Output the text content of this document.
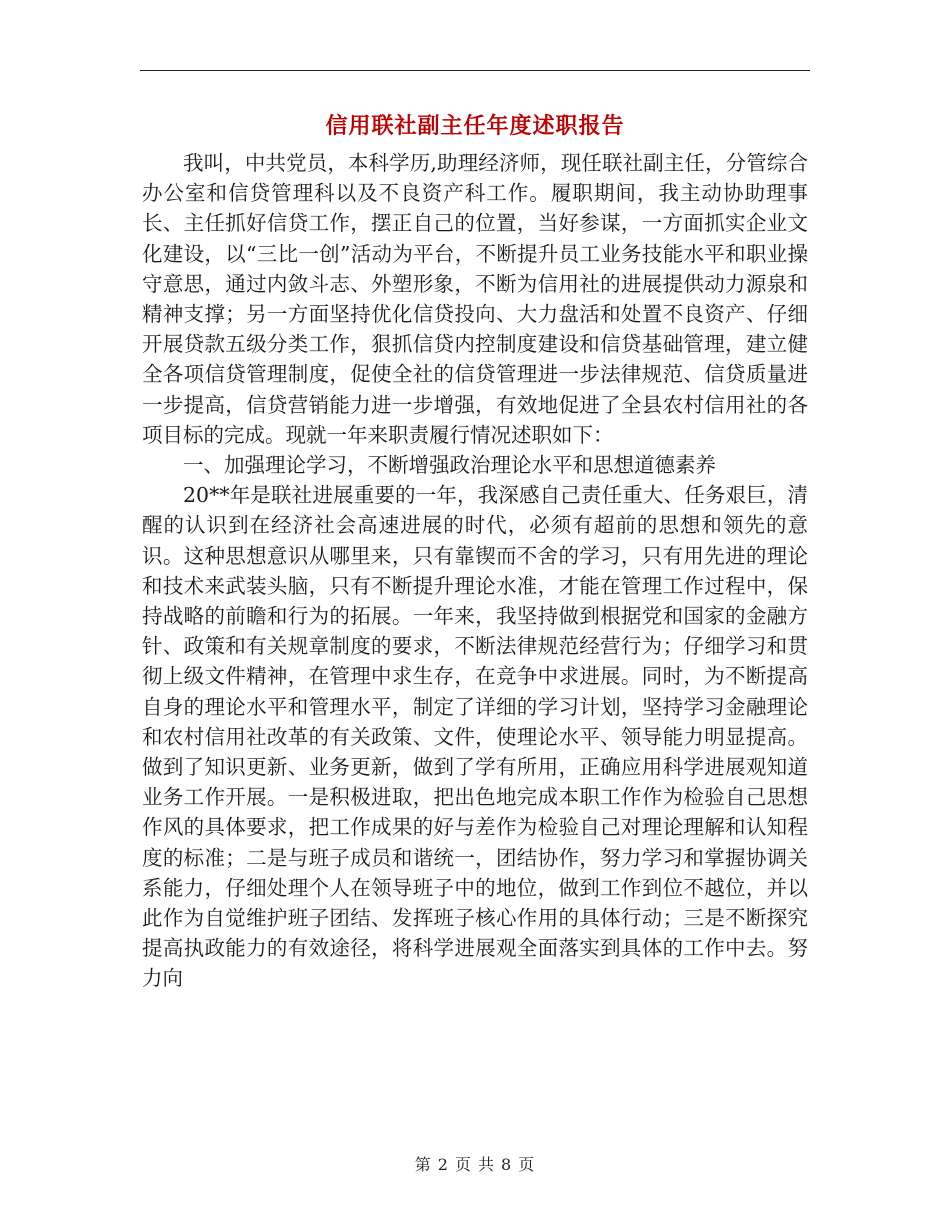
信用联社副主任年度述职报告

我叫，中共党员，本科学历,助理经济师，现任联社副主任，分管综合办公室和信贷管理科以及不良资产科工作。履职期间，我主动协助理事长、主任抓好信贷工作，摆正自己的位置，当好参谋，一方面抓实企业文化建设，以“三比一创”活动为平台，不断提升员工业务技能水平和职业操守意思，通过内敛斗志、外塑形象，不断为信用社的进展提供动力源泉和精神支撑；另一方面坚持优化信贷投向、大力盘活和处置不良资产、仔细开展贷款五级分类工作，狠抓信贷内控制度建设和信贷基础管理，建立健全各项信贷管理制度，促使全社的信贷管理进一步法律规范、信贷质量进一步提高，信贷营销能力进一步增强，有效地促进了全县农村信用社的各项目标的完成。现就一年来职责履行情况述职如下：

一、加强理论学习，不断增强政治理论水平和思想道德素养

20**年是联社进展重要的一年，我深感自己责任重大、任务艰巨，清醒的认识到在经济社会高速进展的时代，必须有超前的思想和领先的意识。这种思想意识从哪里来，只有靠锲而不舍的学习，只有用先进的理论和技术来武装头脑，只有不断提升理论水准，才能在管理工作过程中，保持战略的前瞻和行为的拓展。一年来，我坚持做到根据党和国家的金融方针、政策和有关规章制度的要求，不断法律规范经营行为；仔细学习和贯彻上级文件精神，在管理中求生存，在竞争中求进展。同时，为不断提高自身的理论水平和管理水平，制定了详细的学习计划，坚持学习金融理论和农村信用社改革的有关政策、文件，使理论水平、领导能力明显提高。做到了知识更新、业务更新，做到了学有所用，正确应用科学进展观知道业务工作开展。一是积极进取，把出色地完成本职工作作为检验自己思想作风的具体要求，把工作成果的好与差作为检验自己对理论理解和认知程度的标准；二是与班子成员和谐统一，团结协作，努力学习和掌握协调关系能力，仔细处理个人在领导班子中的地位，做到工作到位不越位，并以此作为自觉维护班子团结、发挥班子核心作用的具体行动；三是不断探究提高执政能力的有效途径，将科学进展观全面落实到具体的工作中去。努力向

第 2 页 共 8 页
